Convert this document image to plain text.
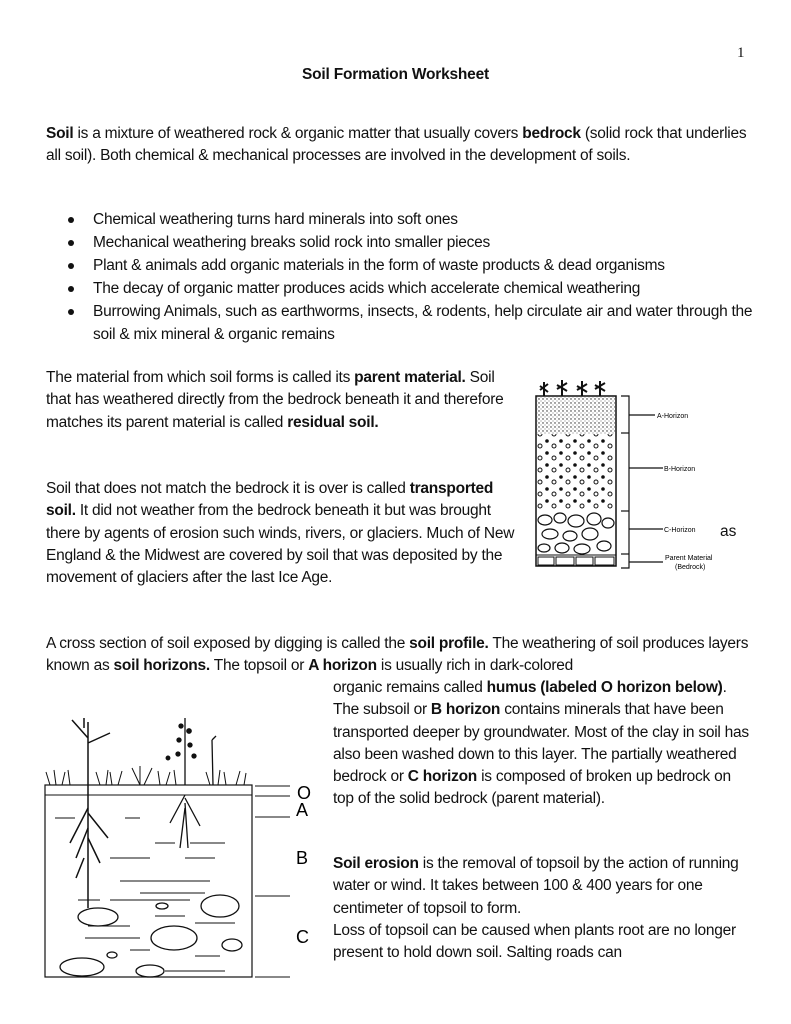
1
Soil Formation Worksheet
Soil is a mixture of weathered rock & organic matter that usually covers bedrock (solid rock that underlies all soil). Both chemical & mechanical processes are involved in the development of soils.
Chemical weathering turns hard minerals into soft ones
Mechanical weathering breaks solid rock into smaller pieces
Plant & animals add organic materials in the form of waste products & dead organisms
The decay of organic matter produces acids which accelerate chemical weathering
Burrowing Animals, such as earthworms, insects, & rodents, help circulate air and water through the soil & mix mineral & organic remains
The material from which soil forms is called its parent material. Soil that has weathered directly from the bedrock beneath it and therefore matches its parent material is called residual soil.
Soil that does not match the bedrock it is over is called transported soil. It did not weather from the bedrock beneath it but was brought there by agents of erosion such winds, rivers, or glaciers. Much of New England & the Midwest are covered by soil that was deposited by the movement of glaciers after the last Ice Age.
as
A-Horizon
B-Horizon
C-Horizon
Parent Material
(Bedrock)
A cross section of soil exposed by digging is called the soil profile. The weathering of soil produces layers known as soil horizons. The topsoil or A horizon is usually rich in dark-colored
organic remains called humus (labeled O horizon below). The subsoil or B horizon contains minerals that have been transported deeper by groundwater. Most of the clay in soil has also been washed down to this layer. The partially weathered bedrock or C horizon is composed of broken up bedrock on top of the solid bedrock (parent material).
O
A
B
C
Soil erosion is the removal of topsoil by the action of running water or wind. It takes between 100 & 400 years for one centimeter of topsoil to form.
Loss of topsoil can be caused when plants root are no longer present to hold down soil. Salting roads can
